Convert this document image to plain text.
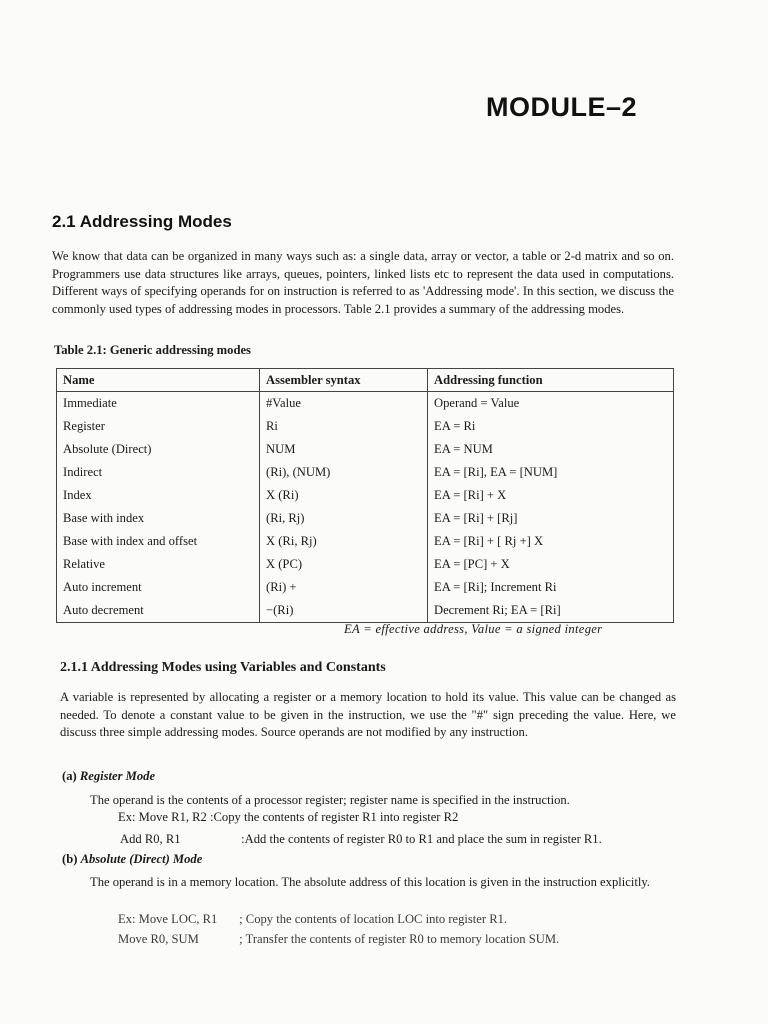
MODULE–2
2.1 Addressing Modes

We know that data can be organized in many ways such as: a single data, array or vector, a table or 2-d matrix and so on. Programmers use data structures like arrays, queues, pointers, linked lists etc to represent the data used in computations. Different ways of specifying operands for on instruction is referred to as 'Addressing mode'. In this section, we discuss the commonly used types of addressing modes in processors. Table 2.1 provides a summary of the addressing modes.

Table 2.1: Generic addressing modes
Name	Assembler syntax	Addressing function
Immediate	#Value	Operand = Value
Register	Ri	EA = Ri
Absolute (Direct)	NUM	EA = NUM
Indirect	(Ri), (NUM)	EA = [Ri], EA = [NUM]
Index	X (Ri)	EA = [Ri] + X
Base with index	(Ri, Rj)	EA = [Ri] + [Rj]
Base with index and offset	X (Ri, Rj)	EA = [Ri] + [ Rj +] X
Relative	X (PC)	EA = [PC] + X
Auto increment	(Ri) +	EA = [Ri]; Increment Ri
Auto decrement	−(Ri)	Decrement Ri; EA = [Ri]
EA = effective address, Value = a signed integer
2.1.1 Addressing Modes using Variables and Constants

A variable is represented by allocating a register or a memory location to hold its value. This value can be changed as needed. To denote a constant value to be given in the instruction, we use the "#" sign preceding the value. Here, we discuss three simple addressing modes. Source operands are not modified by any instruction.

(a) Register Mode

The operand is the contents of a processor register; register name is specified in the instruction.

Ex: Move R1, R2 :Copy the contents of register R1 into register R2
Add R0, R1	:Add the contents of register R0 to R1 and place the sum in register R1.
(b) Absolute (Direct) Mode

The operand is in a memory location. The absolute address of this location is given in the instruction explicitly.

Ex: Move LOC, R1 ; Copy the contents of location LOC into register R1.
Move R0, SUM	; Transfer the contents of register R0 to memory location SUM.
